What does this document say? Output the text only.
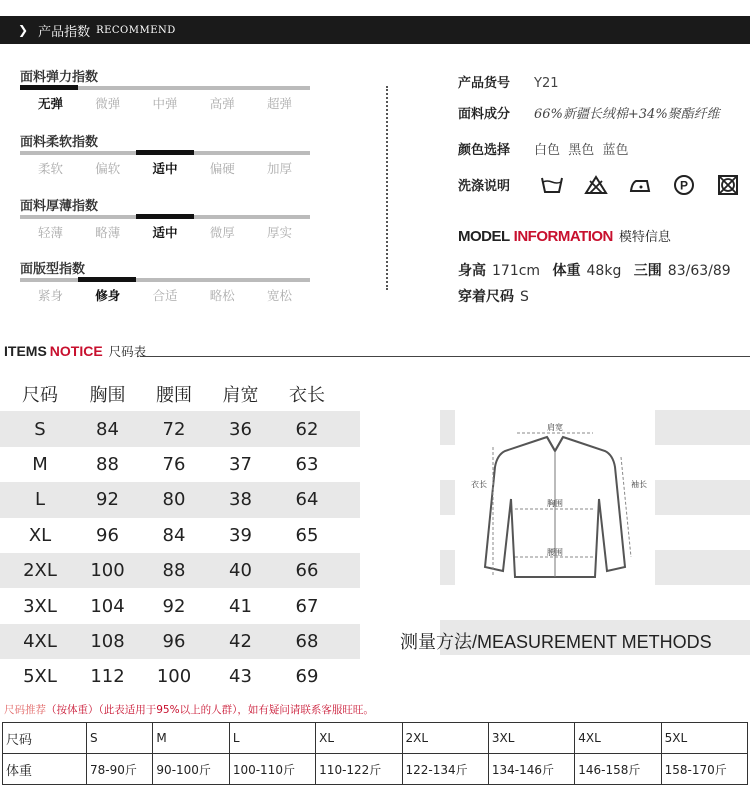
❯ 产品指数 RECOMMEND
面料弹力指数
无弹	微弹	中弹	高弹	超弹
面料柔软指数
柔软	偏软	适中	偏硬	加厚
面料厚薄指数
轻薄	略薄	适中	微厚	厚实
面版型指数
紧身	修身	合适	略松	宽松
产品货号 Y21
面料成分 66%新疆长绒棉+34%聚酯纤维
颜色选择 白色  黑色  蓝色
洗涤说明	P
MODEL INFORMATION 模特信息
身高 171cm 体重 48kg 三围 83/63/89
穿着尺码 S
ITEMS NOTICE 尺码表
尺码	胸围	腰围	肩宽	衣长
S	84	72	36	62
M	88	76	37	63
L	92	80	38	64
XL	96	84	39	65
2XL	100	88	40	66
3XL	104	92	41	67
4XL	108	96	42	68
5XL	112	100	43	69
肩宽
衣长	袖长
胸围
腰围
测量方法/MEASUREMENT METHODS
尺码推荐（按体重）（此表适用于95%以上的人群），如有疑问请联系客服旺旺。
尺码	S	M	L	XL	2XL	3XL	4XL	5XL
体重	78-90斤	90-100斤	100-110斤	110-122斤	122-134斤	134-146斤	146-158斤	158-170斤
